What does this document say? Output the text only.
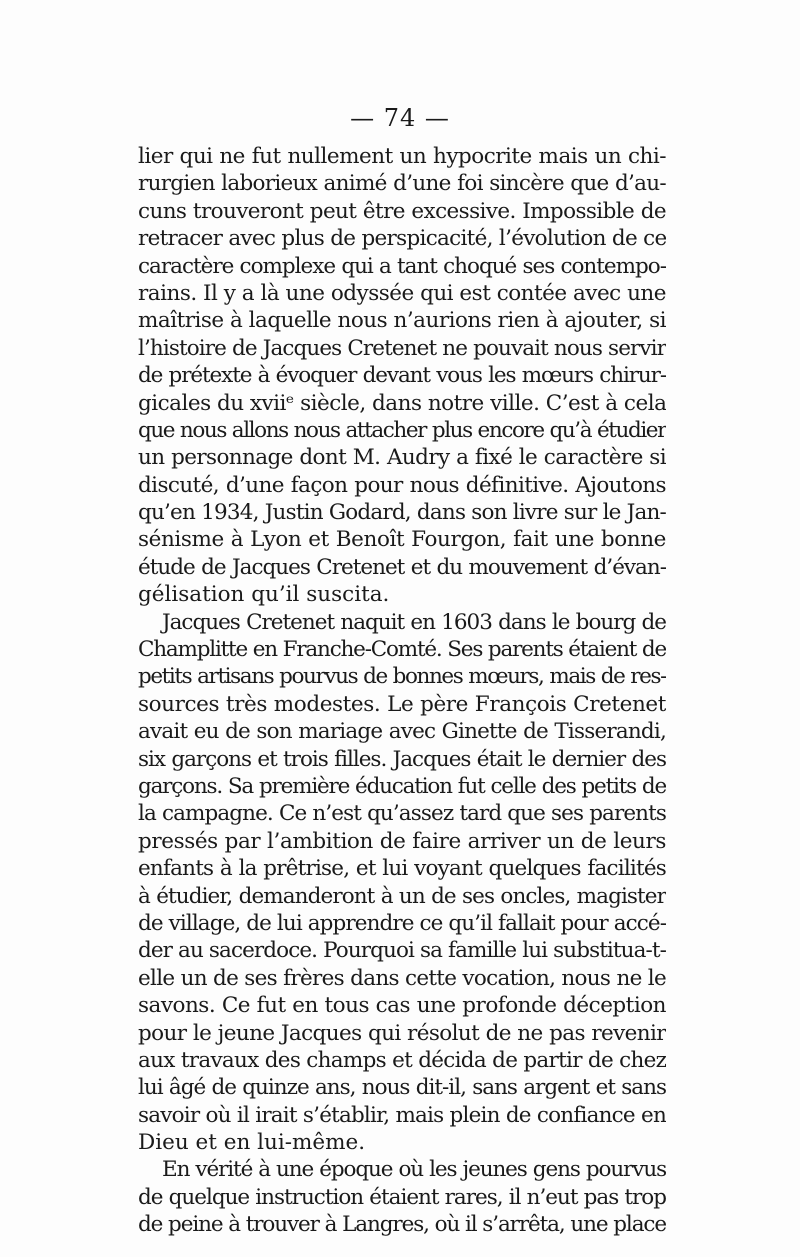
— 74 —
lier qui ne fut nullement un hypocrite mais un chi-
rurgien laborieux animé d’une foi sincère que d’au-
cuns trouveront peut être excessive. Impossible de
retracer avec plus de perspicacité, l’évolution de ce
caractère complexe qui a tant choqué ses contempo-
rains. Il y a là une odyssée qui est contée avec une
maîtrise à laquelle nous n’aurions rien à ajouter, si
l’histoire de Jacques Cretenet ne pouvait nous servir
de prétexte à évoquer devant vous les mœurs chirur-
gicales du xviiᵉ siècle, dans notre ville. C’est à cela
que nous allons nous attacher plus encore qu’à étudier
un personnage dont M. Audry a fixé le caractère si
discuté, d’une façon pour nous définitive. Ajoutons
qu’en 1934, Justin Godard, dans son livre sur le Jan-
sénisme à Lyon et Benoît Fourgon, fait une bonne
étude de Jacques Cretenet et du mouvement d’évan-
gélisation qu’il suscita.
Jacques Cretenet naquit en 1603 dans le bourg de
Champlitte en Franche-Comté. Ses parents étaient de
petits artisans pourvus de bonnes mœurs, mais de res-
sources très modestes. Le père François Cretenet
avait eu de son mariage avec Ginette de Tisserandi,
six garçons et trois filles. Jacques était le dernier des
garçons. Sa première éducation fut celle des petits de
la campagne. Ce n’est qu’assez tard que ses parents
pressés par l’ambition de faire arriver un de leurs
enfants à la prêtrise, et lui voyant quelques facilités
à étudier, demanderont à un de ses oncles, magister
de village, de lui apprendre ce qu’il fallait pour accé-
der au sacerdoce. Pourquoi sa famille lui substitua-t-
elle un de ses frères dans cette vocation, nous ne le
savons. Ce fut en tous cas une profonde déception
pour le jeune Jacques qui résolut de ne pas revenir
aux travaux des champs et décida de partir de chez
lui âgé de quinze ans, nous dit-il, sans argent et sans
savoir où il irait s’établir, mais plein de confiance en
Dieu et en lui-même.
En vérité à une époque où les jeunes gens pourvus
de quelque instruction étaient rares, il n’eut pas trop
de peine à trouver à Langres, où il s’arrêta, une place
